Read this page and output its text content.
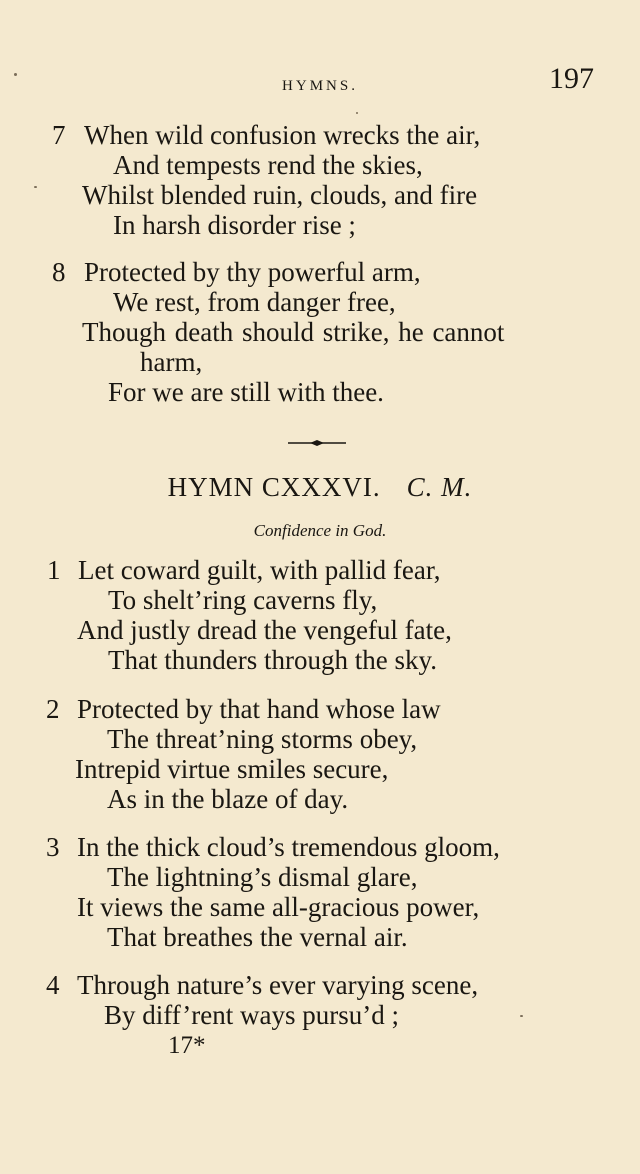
HYMNS.	197
7 When wild confusion wrecks the air,
And tempests rend the skies,
Whilst blended ruin, clouds, and fire
In harsh disorder rise ;
8 Protected by thy powerful arm,
We rest, from danger free,
Though death should strike, he cannot
harm,
For we are still with thee.
HYMN CXXXVI. C. M.
Confidence in God.
1 Let coward guilt, with pallid fear,
To shelt’ring caverns fly,
And justly dread the vengeful fate,
That thunders through the sky.
2 Protected by that hand whose law
The threat’ning storms obey,
Intrepid virtue smiles secure,
As in the blaze of day.
3 In the thick cloud’s tremendous gloom,
The lightning’s dismal glare,
It views the same all-gracious power,
That breathes the vernal air.
4 Through nature’s ever varying scene,
By diff’rent ways pursu’d ;
17*
